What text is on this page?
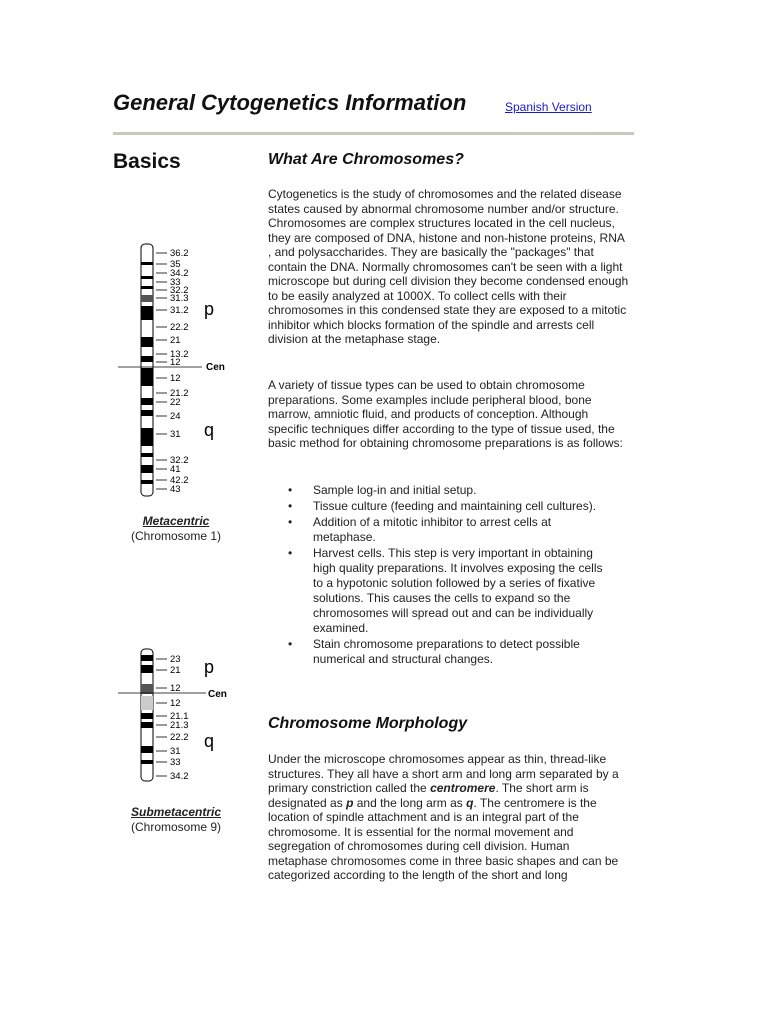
General Cytogenetics Information	Spanish Version
Basics
36.2
35
34.2
33
32.2
31.3
31.2
22.2
21
13.2
12
12
21.2
22
24
31
32.2
41
42.2
43
p
Cen
q
Metacentric
(Chromosome 1)
23
21
12
12
21.1
21.3
22.2
31
33
34.2
p
Cen
q
Submetacentric
(Chromosome 9)
What Are Chromosomes?
Cytogenetics is the study of chromosomes and the related disease states caused by abnormal chromosome number and/or structure. Chromosomes are complex structures located in the cell nucleus, they are composed of DNA, histone and non-histone proteins, RNA , and polysaccharides. They are basically the "packages" that contain the DNA. Normally chromosomes can't be seen with a light microscope but during cell division they become condensed enough to be easily analyzed at 1000X. To collect cells with their chromosomes in this condensed state they are exposed to a mitotic inhibitor which blocks formation of the spindle and arrests cell division at the metaphase stage.
A variety of tissue types can be used to obtain chromosome preparations. Some examples include peripheral blood, bone marrow, amniotic fluid, and products of conception. Although specific techniques differ according to the type of tissue used, the basic method for obtaining chromosome preparations is as follows:
• Sample log-in and initial setup.
• Tissue culture (feeding and maintaining cell cultures).
• Addition of a mitotic inhibitor to arrest cells at metaphase.
• Harvest cells. This step is very important in obtaining high quality preparations. It involves exposing the cells to a hypotonic solution followed by a series of fixative solutions. This causes the cells to expand so the chromosomes will spread out and can be individually examined.
• Stain chromosome preparations to detect possible numerical and structural changes.
Chromosome Morphology
Under the microscope chromosomes appear as thin, thread-like structures. They all have a short arm and long arm separated by a primary constriction called the centromere. The short arm is designated as p and the long arm as q. The centromere is the location of spindle attachment and is an integral part of the chromosome. It is essential for the normal movement and segregation of chromosomes during cell division. Human metaphase chromosomes come in three basic shapes and can be categorized according to the length of the short and long
